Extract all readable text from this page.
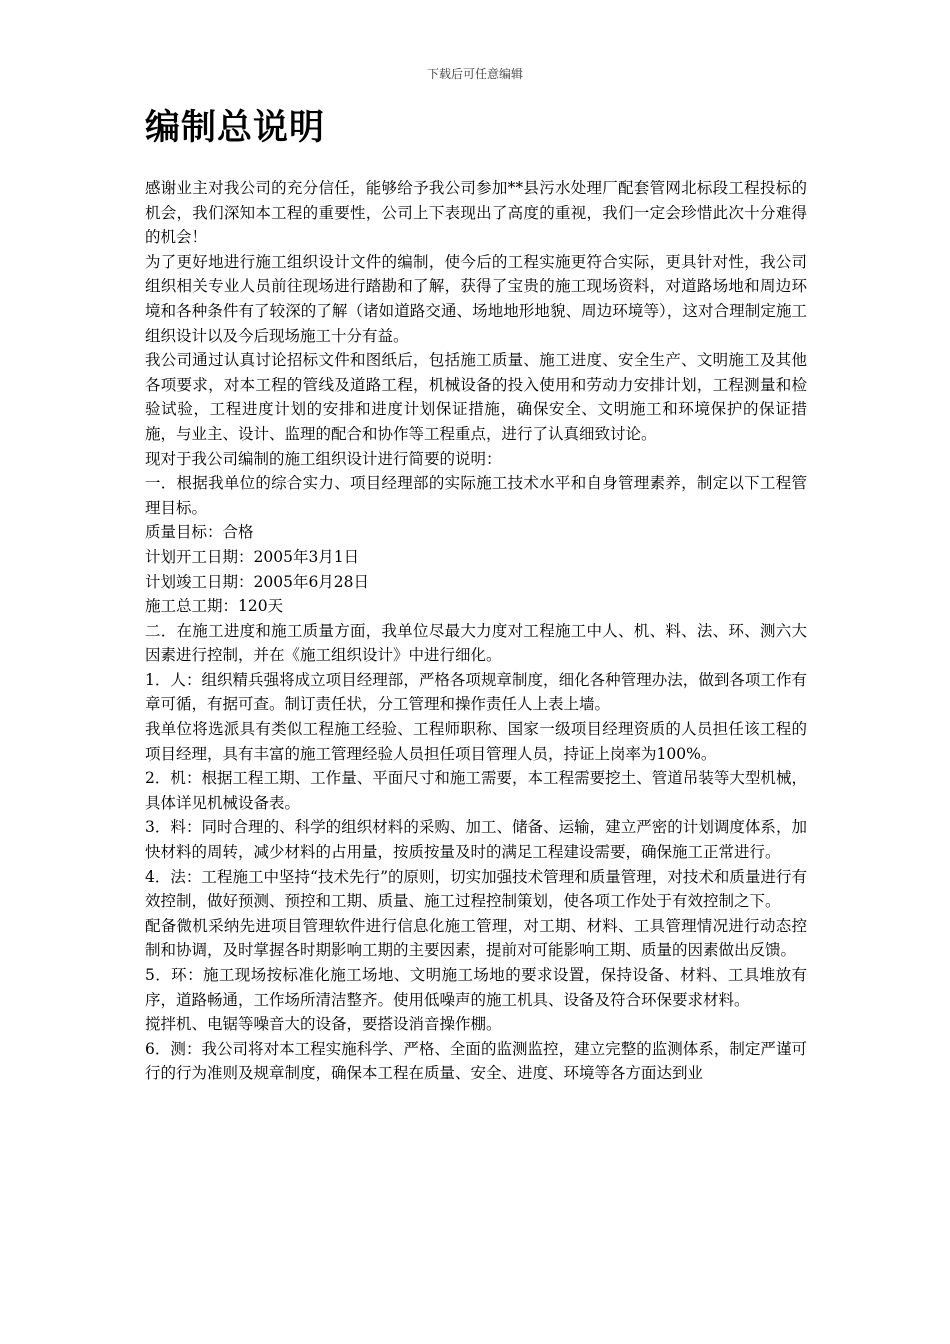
下载后可任意编辑
编制总说明

感谢业主对我公司的充分信任，能够给予我公司参加**县污水处理厂配套管网北标段工程投标的机会，我们深知本工程的重要性，公司上下表现出了高度的重视，我们一定会珍惜此次十分难得的机会！

为了更好地进行施工组织设计文件的编制，使今后的工程实施更符合实际，更具针对性，我公司组织相关专业人员前往现场进行踏勘和了解，获得了宝贵的施工现场资料，对道路场地和周边环境和各种条件有了较深的了解（诸如道路交通、场地地形地貌、周边环境等），这对合理制定施工组织设计以及今后现场施工十分有益。

我公司通过认真讨论招标文件和图纸后，包括施工质量、施工进度、安全生产、文明施工及其他各项要求，对本工程的管线及道路工程，机械设备的投入使用和劳动力安排计划，工程测量和检验试验，工程进度计划的安排和进度计划保证措施，确保安全、文明施工和环境保护的保证措施，与业主、设计、监理的配合和协作等工程重点，进行了认真细致讨论。

现对于我公司编制的施工组织设计进行简要的说明：

一．根据我单位的综合实力、项目经理部的实际施工技术水平和自身管理素养，制定以下工程管理目标。

质量目标：合格

计划开工日期：2005年3月1日

计划竣工日期：2005年6月28日

施工总工期：120天

二．在施工进度和施工质量方面，我单位尽最大力度对工程施工中人、机、料、法、环、测六大因素进行控制，并在《施工组织设计》中进行细化。

1．人：组织精兵强将成立项目经理部，严格各项规章制度，细化各种管理办法，做到各项工作有章可循，有据可查。制订责任状，分工管理和操作责任人上表上墙。

我单位将选派具有类似工程施工经验、工程师职称、国家一级项目经理资质的人员担任该工程的项目经理，具有丰富的施工管理经验人员担任项目管理人员，持证上岗率为100%。

2．机：根据工程工期、工作量、平面尺寸和施工需要，本工程需要挖土、管道吊装等大型机械，具体详见机械设备表。

3．料：同时合理的、科学的组织材料的采购、加工、储备、运输，建立严密的计划调度体系，加快材料的周转，减少材料的占用量，按质按量及时的满足工程建设需要，确保施工正常进行。

4．法：工程施工中坚持“技术先行”的原则，切实加强技术管理和质量管理，对技术和质量进行有效控制，做好预测、预控和工期、质量、施工过程控制策划，使各项工作处于有效控制之下。

配备微机采纳先进项目管理软件进行信息化施工管理，对工期、材料、工具管理情况进行动态控制和协调，及时掌握各时期影响工期的主要因素，提前对可能影响工期、质量的因素做出反馈。

5．环：施工现场按标准化施工场地、文明施工场地的要求设置，保持设备、材料、工具堆放有序，道路畅通，工作场所清洁整齐。使用低噪声的施工机具、设备及符合环保要求材料。

搅拌机、电锯等噪音大的设备，要搭设消音操作棚。

6．测：我公司将对本工程实施科学、严格、全面的监测监控，建立完整的监测体系，制定严谨可行的行为准则及规章制度，确保本工程在质量、安全、进度、环境等各方面达到业
